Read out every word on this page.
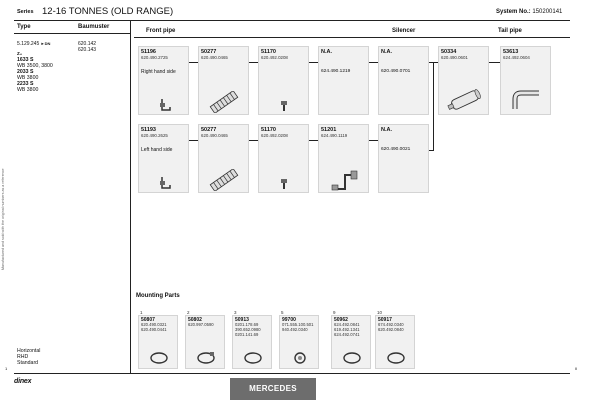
Manufactured and sold with the original numbers as a reference
Series 12-16 TONNES (OLD RANGE)	System No.: 150200141
Type	Baumuster
5.129.245 ►DN	620.142
620.143
Z₄
1633 S
WB 3500, 3800
2033 S
WB 3800
2233 S
WB 3800
Horizontal
RHD
Standard
Front pipe	Silencer	Tail pipe
51196
620.490.2725
Right hand side
50277
620.490.0465
51170
620.492.0208
N.A.
624.490.1219
N.A.
620.490.0701
50334
620.490.0601
53613
624.492.0604
51193
620.490.2625
Left hand side
50277
620.490.0465
51170
620.492.0208
51201
624.490.1119
N.A.
620.490.0021
Mounting Parts
1
50807
620.490.0321
620.490.0441
2
50802
620.997.0590
3
50913
0201.178.69
390.652.0980
0201.141.69
5
99700
071.555.100.501
940.492.0340
9
50962
624.492.0841
619.492.1341
624.492.0741
10
50917
674.492.0340
620.492.0840
1	II
dinex
MERCEDES
